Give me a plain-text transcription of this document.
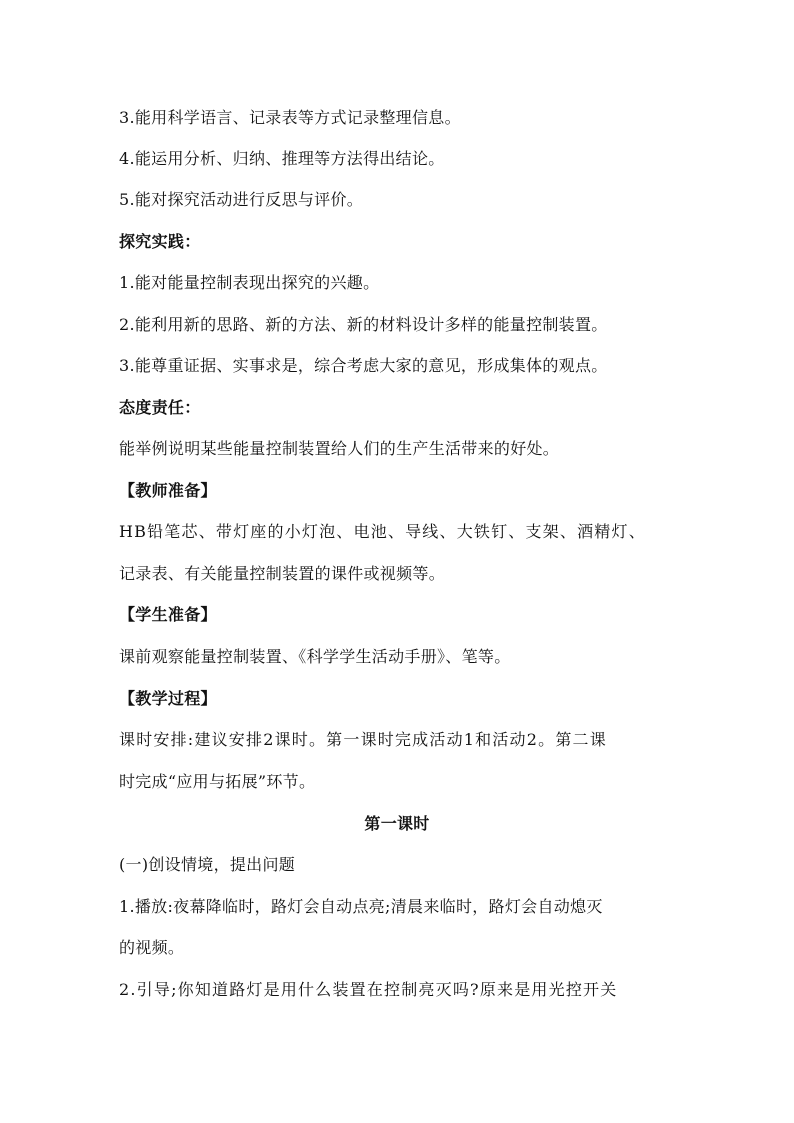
3.能用科学语言、记录表等方式记录整理信息。
4.能运用分析、归纳、推理等方法得出结论。
5.能对探究活动进行反思与评价。
探究实践：
1.能对能量控制表现出探究的兴趣。
2.能利用新的思路、新的方法、新的材料设计多样的能量控制装置。
3.能尊重证据、实事求是，综合考虑大家的意见，形成集体的观点。
态度责任：
能举例说明某些能量控制装置给人们的生产生活带来的好处。
【教师准备】
HB铅笔芯、带灯座的小灯泡、电池、导线、大铁钉、支架、酒精灯、
记录表、有关能量控制装置的课件或视频等。
【学生准备】
课前观察能量控制装置、《科学学生活动手册》、笔等。
【教学过程】
课时安排:建议安排2课时。第一课时完成活动1和活动2。第二课
时完成“应用与拓展”环节。
第一课时
(一)创设情境，提出问题
1.播放:夜幕降临时，路灯会自动点亮;清晨来临时，路灯会自动熄灭
的视频。
2.引导;你知道路灯是用什么装置在控制亮灭吗?原来是用光控开关
